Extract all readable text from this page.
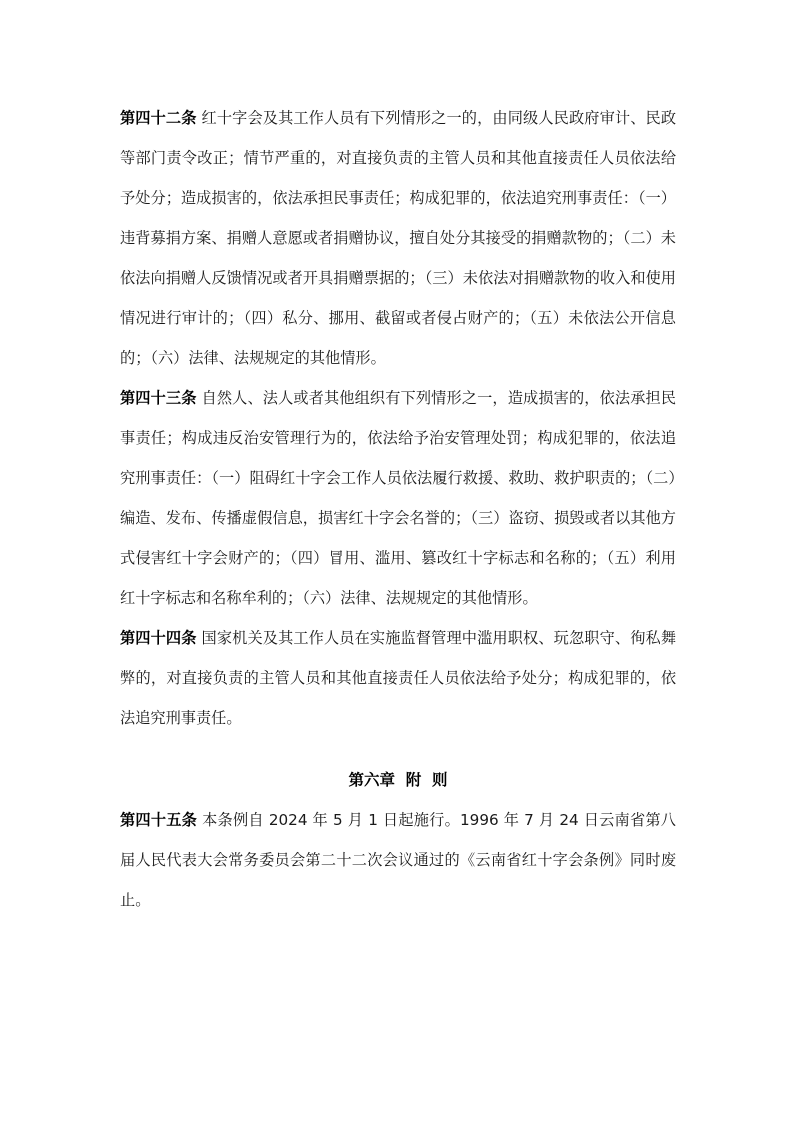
第四十二条 红十字会及其工作人员有下列情形之一的，由同级人民政府审计、民政等部门责令改正；情节严重的，对直接负责的主管人员和其他直接责任人员依法给予处分；造成损害的，依法承担民事责任；构成犯罪的，依法追究刑事责任：（一）违背募捐方案、捐赠人意愿或者捐赠协议，擅自处分其接受的捐赠款物的；（二）未依法向捐赠人反馈情况或者开具捐赠票据的；（三）未依法对捐赠款物的收入和使用情况进行审计的；（四）私分、挪用、截留或者侵占财产的；（五）未依法公开信息的；（六）法律、法规规定的其他情形。

第四十三条 自然人、法人或者其他组织有下列情形之一，造成损害的，依法承担民事责任；构成违反治安管理行为的，依法给予治安管理处罚；构成犯罪的，依法追究刑事责任：（一）阻碍红十字会工作人员依法履行救援、救助、救护职责的；（二）编造、发布、传播虚假信息，损害红十字会名誉的；（三）盗窃、损毁或者以其他方式侵害红十字会财产的；（四）冒用、滥用、篡改红十字标志和名称的；（五）利用红十字标志和名称牟利的；（六）法律、法规规定的其他情形。

第四十四条 国家机关及其工作人员在实施监督管理中滥用职权、玩忽职守、徇私舞弊的，对直接负责的主管人员和其他直接责任人员依法给予处分；构成犯罪的，依法追究刑事责任。

第六章  附  则

第四十五条 本条例自 2024 年 5 月 1 日起施行。1996 年 7 月 24 日云南省第八届人民代表大会常务委员会第二十二次会议通过的《云南省红十字会条例》同时废止。
